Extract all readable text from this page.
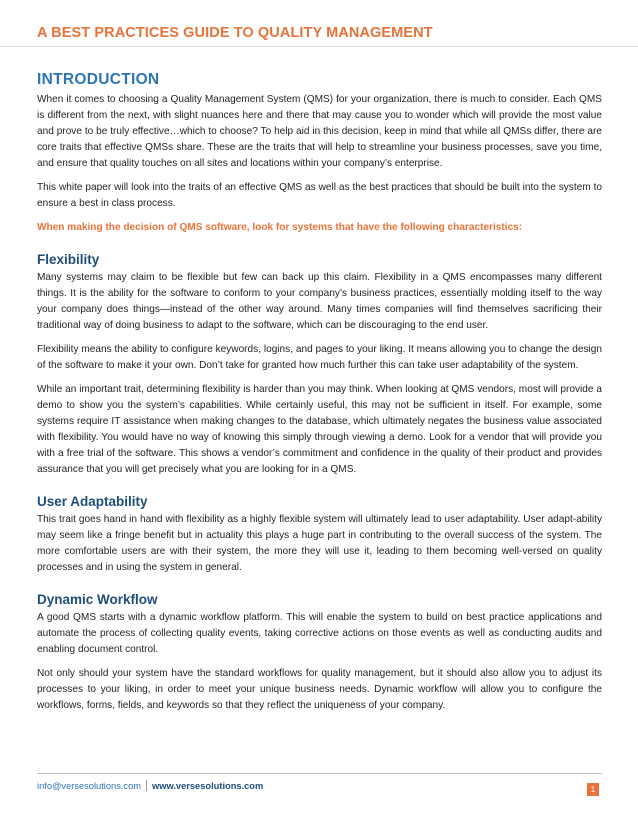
A BEST PRACTICES GUIDE TO QUALITY MANAGEMENT
INTRODUCTION

When it comes to choosing a Quality Management System (QMS) for your organization, there is much to consider. Each QMS is different from the next, with slight nuances here and there that may cause you to wonder which will provide the most value and prove to be truly effective…which to choose? To help aid in this decision, keep in mind that while all QMSs differ, there are core traits that effective QMSs share. These are the traits that will help to streamline your business processes, save you time, and ensure that quality touches on all sites and locations within your company’s enterprise.

This white paper will look into the traits of an effective QMS as well as the best practices that should be built into the system to ensure a best in class process.

When making the decision of QMS software, look for systems that have the following characteristics:

Flexibility

Many systems may claim to be flexible but few can back up this claim. Flexibility in a QMS encompasses many different things. It is the ability for the software to conform to your company’s business practices, essentially molding itself to the way your company does things—instead of the other way around. Many times companies will find themselves sacrificing their traditional way of doing business to adapt to the software, which can be discouraging to the end user.

Flexibility means the ability to configure keywords, logins, and pages to your liking. It means allowing you to change the design of the software to make it your own. Don’t take for granted how much further this can take user adaptability of the system.

While an important trait, determining flexibility is harder than you may think. When looking at QMS vendors, most will provide a demo to show you the system’s capabilities. While certainly useful, this may not be sufficient in itself. For example, some systems require IT assistance when making changes to the database, which ultimately negates the business value associated with flexibility. You would have no way of knowing this simply through viewing a demo. Look for a vendor that will provide you with a free trial of the software. This shows a vendor’s commitment and confidence in the quality of their product and provides assurance that you will get precisely what you are looking for in a QMS.

User Adaptability

This trait goes hand in hand with flexibility as a highly flexible system will ultimately lead to user adaptability. User adapt-ability may seem like a fringe benefit but in actuality this plays a huge part in contributing to the overall success of the system. The more comfortable users are with their system, the more they will use it, leading to them becoming well-versed on quality processes and in using the system in general.

Dynamic Workflow

A good QMS starts with a dynamic workflow platform. This will enable the system to build on best practice applications and automate the process of collecting quality events, taking corrective actions on those events as well as conducting audits and enabling document control.

Not only should your system have the standard workflows for quality management, but it should also allow you to adjust its processes to your liking, in order to meet your unique business needs. Dynamic workflow will allow you to configure the workflows, forms, fields, and keywords so that they reflect the uniqueness of your company.

info@versesolutions.com www.versesolutions.com	1
